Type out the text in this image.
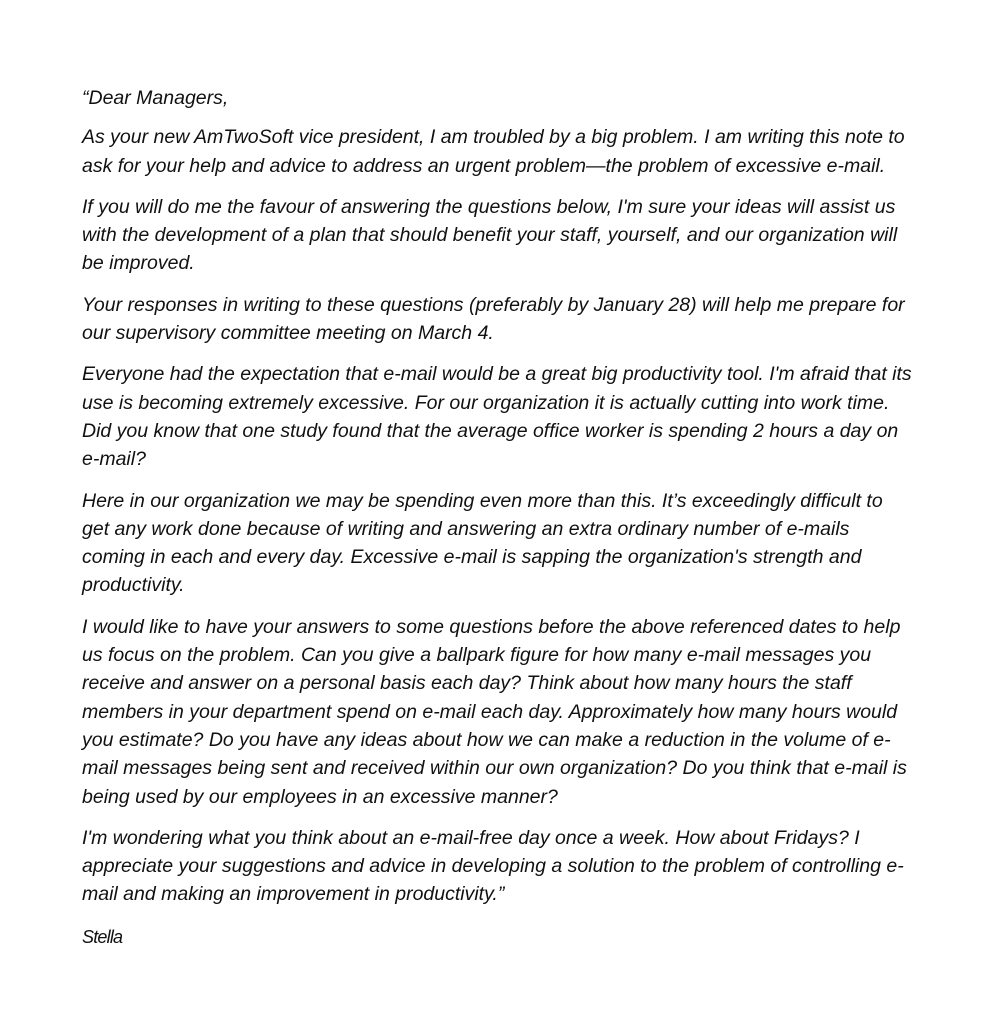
“Dear Managers,

As your new AmTwoSoft vice president, I am troubled by a big problem. I am writing this note to ask for your help and advice to address an urgent problem—the problem of excessive e-mail.

If you will do me the favour of answering the questions below, I'm sure your ideas will assist us with the development of a plan that should benefit your staff, yourself, and our organization will be improved.

Your responses in writing to these questions (preferably by January 28) will help me prepare for our supervisory committee meeting on March 4.

Everyone had the expectation that e-mail would be a great big productivity tool. I'm afraid that its use is becoming extremely excessive. For our organization it is actually cutting into work time. Did you know that one study found that the average office worker is spending 2 hours a day on e-mail?

Here in our organization we may be spending even more than this. It’s exceedingly difficult to get any work done because of writing and answering an extra ordinary number of e-mails coming in each and every day. Excessive e-mail is sapping the organization's strength and productivity.

I would like to have your answers to some questions before the above referenced dates to help us focus on the problem. Can you give a ballpark figure for how many e-mail messages you receive and answer on a personal basis each day? Think about how many hours the staff members in your department spend on e-mail each day. Approximately how many hours would you estimate? Do you have any ideas about how we can make a reduction in the volume of e-mail messages being sent and received within our own organization? Do you think that e-mail is being used by our employees in an excessive manner?

I'm wondering what you think about an e-mail-free day once a week. How about Fridays? I appreciate your suggestions and advice in developing a solution to the problem of controlling e-mail and making an improvement in productivity.”

Stella
